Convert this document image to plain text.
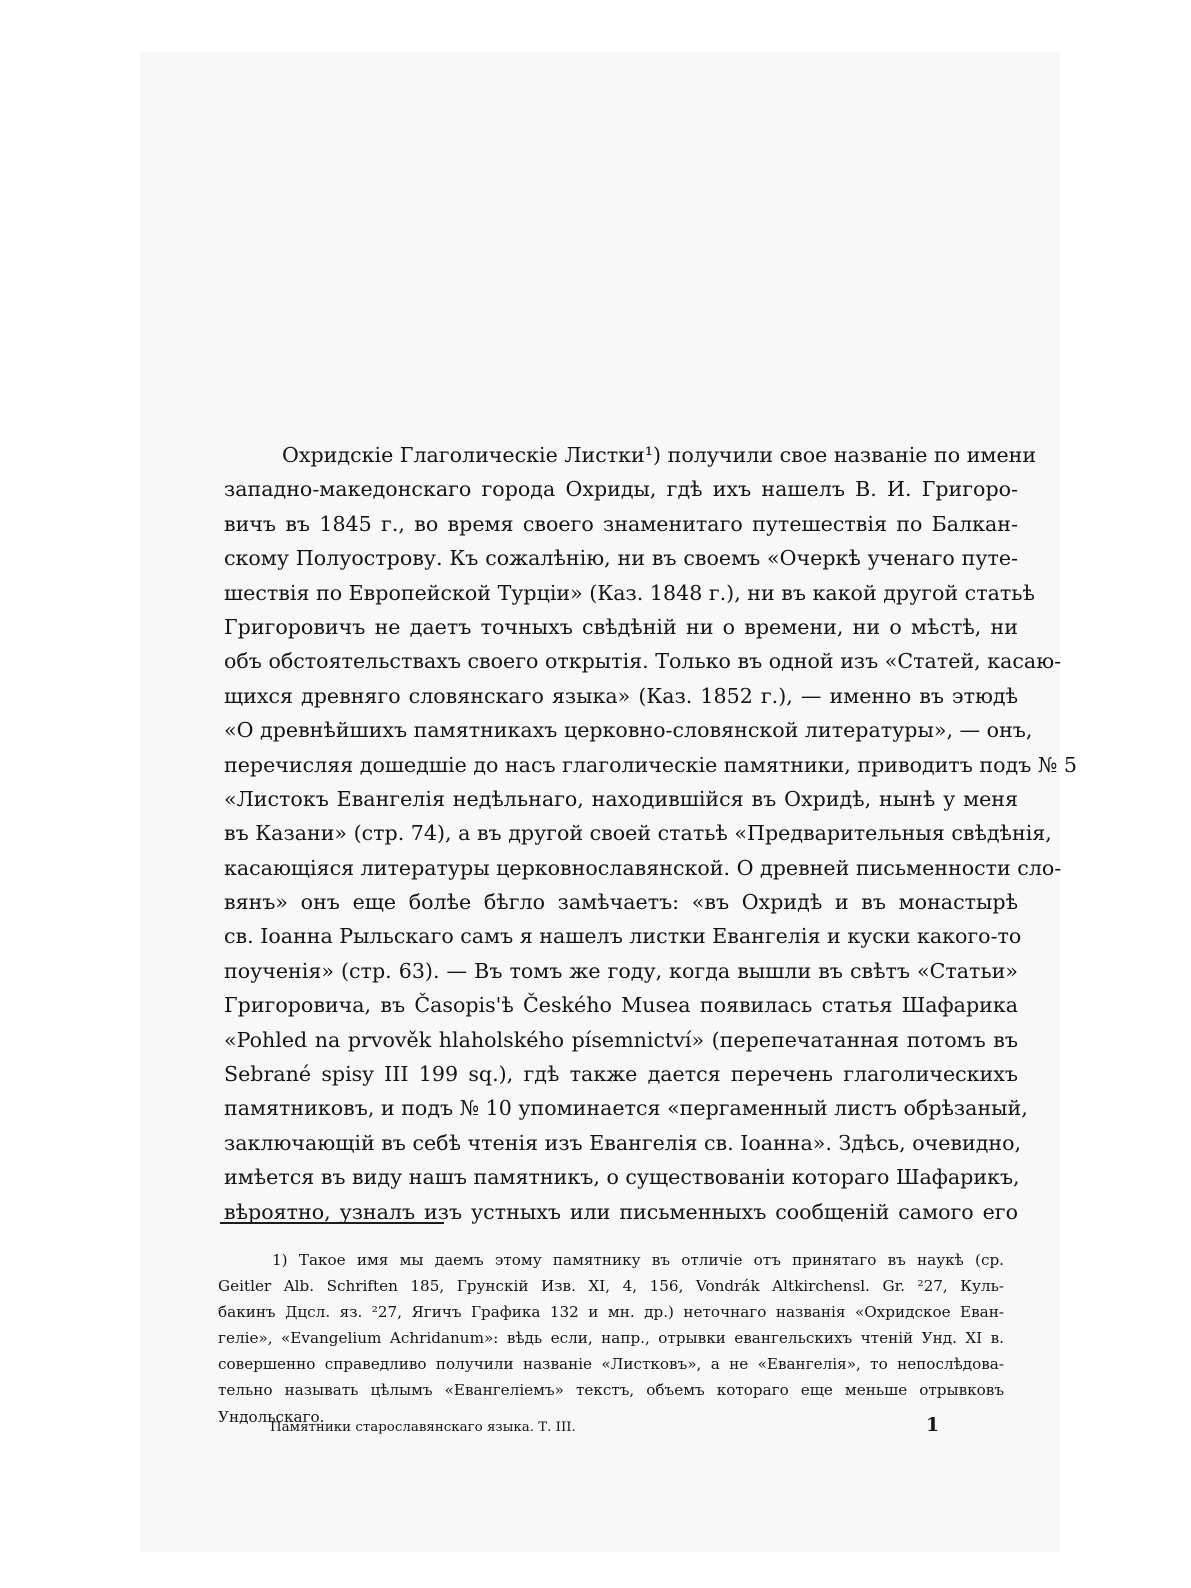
Охридскіе Глаголическіе Листки¹) получили свое названіе по имени
западно-македонскаго города Охриды, гдѣ ихъ нашелъ В. И. Григоро-
вичъ въ 1845 г., во время своего знаменитаго путешествія по Балкан-
скому Полуострову. Къ сожалѣнію, ни въ своемъ «Очеркѣ ученаго путе-
шествія по Европейской Турціи» (Каз. 1848 г.), ни въ какой другой статьѣ
Григоровичъ не даетъ точныхъ свѣдѣній ни о времени, ни о мѣстѣ, ни
объ обстоятельствахъ своего открытія. Только въ одной изъ «Статей, касаю-
щихся древняго словянскаго языка» (Каз. 1852 г.), — именно въ этюдѣ
«О древнѣйшихъ памятникахъ церковно-словянской литературы», — онъ,
перечисляя дошедшіе до насъ глаголическіе памятники, приводитъ подъ № 5
«Листокъ Евангелія недѣльнаго, находившійся въ Охридѣ, нынѣ у меня
въ Казани» (стр. 74), а въ другой своей статьѣ «Предварительныя свѣдѣнія,
касающіяся литературы церковнославянской. О древней письменности сло-
вянъ» онъ еще болѣе бѣгло замѣчаетъ: «въ Охридѣ и въ монастырѣ
св. Іоанна Рыльскаго самъ я нашелъ листки Евангелія и куски какого-то
поученія» (стр. 63). — Въ томъ же году, когда вышли въ свѣтъ «Статьи»
Григоровича, въ Časopis'ѣ Českého Musea появилась статья Шафарика
«Pohled na prvověk hlaholského písemnictví» (перепечатанная потомъ въ
Sebrané spisy III 199 sq.), гдѣ также дается перечень глаголическихъ
памятниковъ, и подъ № 10 упоминается «пергаменный листъ обрѣзаный,
заключающій въ себѣ чтенія изъ Евангелія св. Іоанна». Здѣсь, очевидно,
имѣется въ виду нашъ памятникъ, о существованіи котораго Шафарикъ,
вѣроятно, узналъ изъ устныхъ или письменныхъ сообщеній самого его
1) Такое имя мы даемъ этому памятнику въ отличіе отъ принятаго въ наукѣ (ср.
Geitler Alb. Schriften 185, Грунскій Изв. XI, 4, 156, Vondrák Altkirchensl. Gr. ²27, Куль-
бакинъ Дцсл. яз. ²27, Ягичъ Графика 132 и мн. др.) неточнаго названія «Охридское Еван-
геліе», «Evangelium Achridanum»: вѣдь если, напр., отрывки евангельскихъ чтеній Унд. XI в.
совершенно справедливо получили названіе «Листковъ», а не «Евангелія», то непослѣдова-
тельно называть цѣлымъ «Евангеліемъ» текстъ, объемъ котораго еще меньше отрывковъ
Ундольскаго.
Памятники старославянскаго языка. Т. III.	1
